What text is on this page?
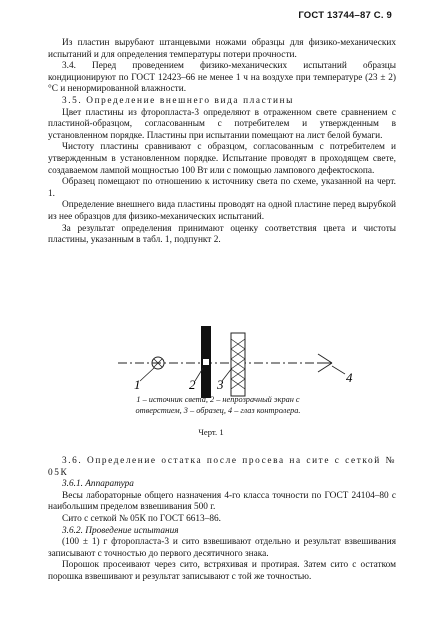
ГОСТ 13744–87 С. 9

Из пластин вырубают штанцевыми ножами образцы для физико-механических испытаний и для определения температуры потери прочности.

3.4. Перед проведением физико-механических испытаний образцы кондиционируют по ГОСТ 12423–66 не менее 1 ч на воздухе при температуре (23 ± 2) °С и ненормированной влажности.

3.5. Определение внешнего вида пластины

Цвет пластины из фторопласта-3 определяют в отраженном свете сравнением с пластиной-образцом, согласованным с потребителем и утвержденным в установленном порядке. Пластины при испытании помещают на лист белой бумаги.

Чистоту пластины сравнивают с образцом, согласованным с потребителем и утвержденным в установленном порядке. Испытание проводят в проходящем свете, создаваемом лампой мощностью 100 Вт или с помощью лампового дефектоскопа.

Образец помещают по отношению к источнику света по схеме, указанной на черт. 1.

Определение внешнего вида пластины проводят на одной пластине перед вырубкой из нее образцов для физико-механических испытаний.

За результат определения принимают оценку соответствия цвета и чистоты пластины, указанным в табл. 1, подпункт 2.

1	2 3	4
1 – источник света, 2 – непрозрачный экран с отверстием, 3 – образец, 4 – глаз контролера.
Черт. 1

3.6. Определение остатка после просева на сите с сеткой № 05К

3.6.1. Аппаратура

Весы лабораторные общего назначения 4-го класса точности по ГОСТ 24104–80 с наибольшим пределом взвешивания 500 г.

Сито с сеткой № 05К по ГОСТ 6613–86.

3.6.2. Проведение испытания

(100 ± 1) г фторопласта-3 и сито взвешивают отдельно и результат взвешивания записывают с точностью до первого десятичного знака.

Порошок просеивают через сито, встряхивая и протирая. Затем сито с остатком порошка взвешивают и результат записывают с той же точностью.
